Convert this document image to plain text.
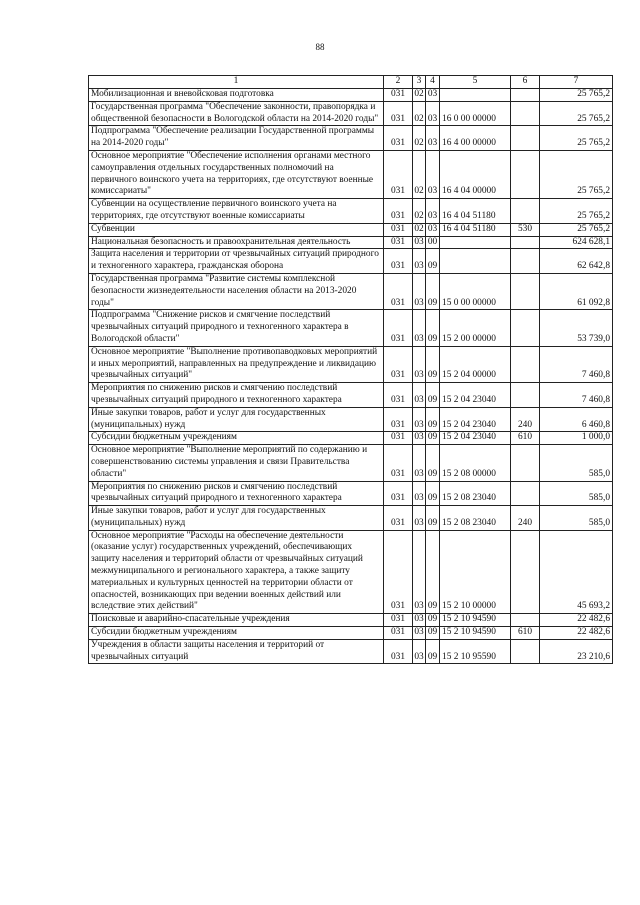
88
1	2	3	4	5	6	7
Мобилизационная и вневойсковая подготовка	031	02	03			25 765,2
Государственная программа "Обеспечение законности, правопорядка и общественной безопасности в Вологодской области на 2014-2020 годы"	031	02	03	16 0 00 00000		25 765,2
Подпрограмма "Обеспечение реализации Государственной программы на 2014-2020 годы"	031	02	03	16 4 00 00000		25 765,2
Основное мероприятие "Обеспечение исполнения органами местного самоуправления отдельных государственных полномочий на первичного воинского учета на территориях, где отсутствуют военные комиссариаты"	031	02	03	16 4 04 00000		25 765,2
Субвенции на осуществление первичного воинского учета на территориях, где отсутствуют военные комиссариаты	031	02	03	16 4 04 51180		25 765,2
Субвенции	031	02	03	16 4 04 51180	530	25 765,2
Национальная безопасность и правоохранительная деятельность	031	03	00			624 628,1
Защита населения и территории от чрезвычайных ситуаций природного и техногенного характера, гражданская оборона	031	03	09			62 642,8
Государственная программа "Развитие системы комплексной безопасности жизнедеятельности населения области на 2013-2020 годы"	031	03	09	15 0 00 00000		61 092,8
Подпрограмма "Снижение рисков и смягчение последствий чрезвычайных ситуаций природного и техногенного характера в Вологодской области"	031	03	09	15 2 00 00000		53 739,0
Основное мероприятие "Выполнение противопаводковых мероприятий и иных мероприятий, направленных на предупреждение и ликвидацию чрезвычайных ситуаций"	031	03	09	15 2 04 00000		7 460,8
Мероприятия по снижению рисков и смягчению последствий чрезвычайных ситуаций природного и техногенного характера	031	03	09	15 2 04 23040		7 460,8
Иные закупки товаров, работ и услуг для государственных (муниципальных) нужд	031	03	09	15 2 04 23040	240	6 460,8
Субсидии бюджетным учреждениям	031	03	09	15 2 04 23040	610	1 000,0
Основное мероприятие "Выполнение мероприятий по содержанию и совершенствованию системы управления и связи Правительства области"	031	03	09	15 2 08 00000		585,0
Мероприятия по снижению рисков и смягчению последствий чрезвычайных ситуаций природного и техногенного характера	031	03	09	15 2 08 23040		585,0
Иные закупки товаров, работ и услуг для государственных (муниципальных) нужд	031	03	09	15 2 08 23040	240	585,0
Основное мероприятие "Расходы на обеспечение деятельности (оказание услуг) государственных учреждений, обеспечивающих защиту населения и территорий области от чрезвычайных ситуаций межмуниципального и регионального характера, а также защиту материальных и культурных ценностей на территории области от опасностей, возникающих при ведении военных действий или вследствие этих действий"	031	03	09	15 2 10 00000		45 693,2
Поисковые и аварийно-спасательные учреждения	031	03	09	15 2 10 94590		22 482,6
Субсидии бюджетным учреждениям	031	03	09	15 2 10 94590	610	22 482,6
Учреждения в области защиты населения и территорий от чрезвычайных ситуаций	031	03	09	15 2 10 95590		23 210,6
